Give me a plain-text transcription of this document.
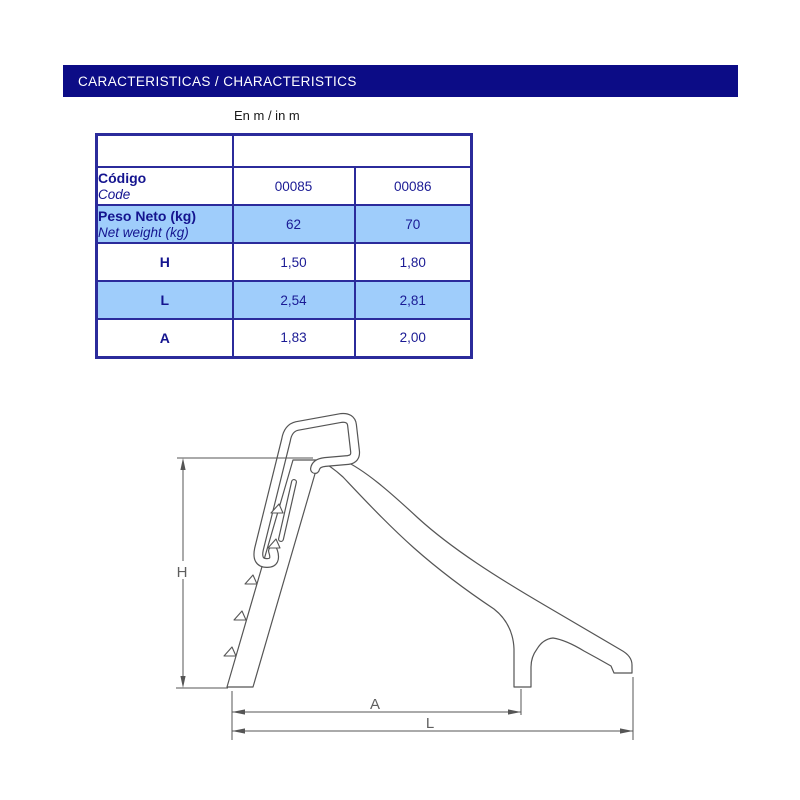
CARACTERISTICAS / CHARACTERISTICS
En m / in m
Tabla 1	Toboganes para uso público
Slides for public use	

Código
Code	00085	00086

Peso Neto (kg)
Net weight (kg)	62	70
H	1,50	1,80
L	2,54	2,81
A	1,83	2,00
H
A
L
